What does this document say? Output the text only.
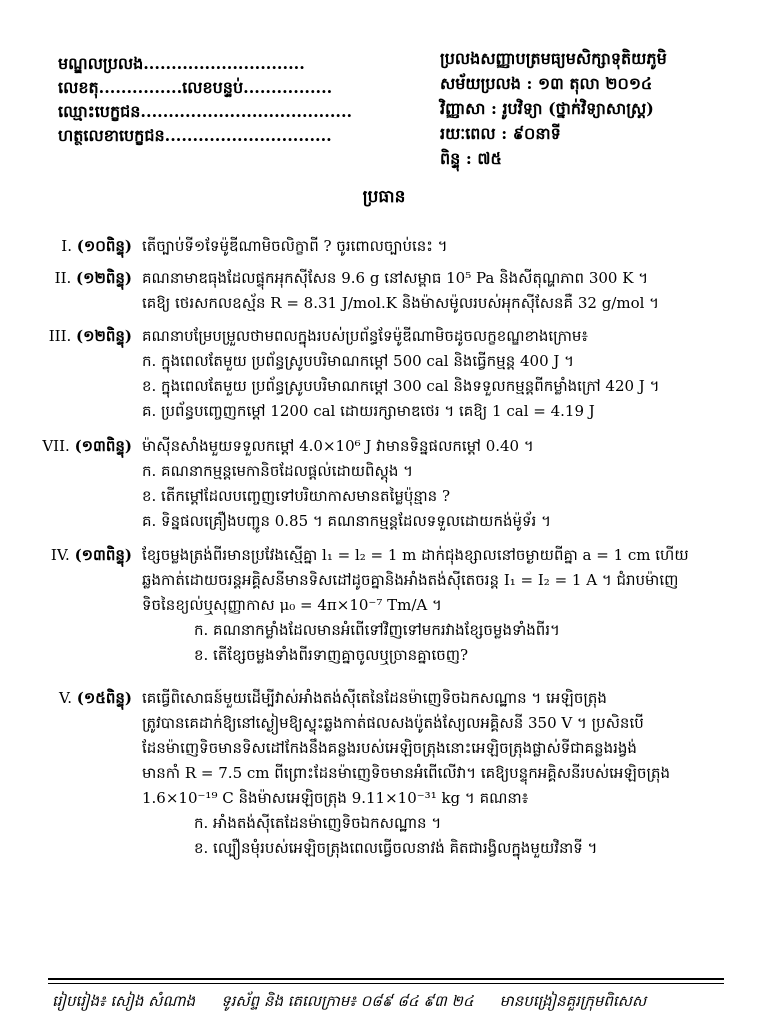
មណ្ឌលប្រលង.............................
លេខតុ...............លេខបន្ទប់................
ឈ្មោះបេក្ខជន......................................
ហត្ថលេខាបេក្ខជន..............................
ប្រលងសញ្ញាបត្រមធ្យមសិក្សាទុតិយភូមិ
សម័យប្រលង : ១៣ តុលា ២០១៤
វិញ្ញាសា : រូបវិទ្យា (ថ្នាក់វិទ្យាសាស្ត្រ)
រយៈពេល : ៩០នាទី
ពិន្ទុ : ៧៥
ប្រធាន
I. (១០ពិន្ទុ) តើច្បាប់ទី១ទែម៉ូឌីណាមិចលិក្ខាពី ? ចូរពោលច្បាប់នេះ ។
II. (១២ពិន្ទុ) គណនាមាឌធុងដែលផ្ទុកអុកស៊ីសែន 9.6 g នៅសម្ពាធ 10⁵ Pa និងសីតុណ្ហភាព 300 K ។
គេឱ្យ ថេរសកលឧស្ម័ន R = 8.31 J/mol.K និងម៉ាសម៉ូលរបស់អុកស៊ីសែនគឺ 32 g/mol ។
III. (១២ពិន្ទុ) គណនាបម្រែបម្រួលថាមពលក្នុងរបស់ប្រព័ន្ធទែម៉ូឌីណាមិចដូចលក្ខខណ្ឌខាងក្រោម៖
ក. ក្នុងពេលតែមួយ ប្រព័ន្ធស្រូបបរិមាណកម្ដៅ 500 cal និងធ្វើកម្មន្ត 400 J ។
ខ. ក្នុងពេលតែមួយ ប្រព័ន្ធស្រូបបរិមាណកម្ដៅ 300 cal និងទទួលកម្មន្តពីកម្លាំងក្រៅ 420 J ។
គ. ប្រព័ន្ធបញ្ចេញកម្ដៅ 1200 cal ដោយរក្សាមាឌថេរ ។ គេឱ្យ 1 cal = 4.19 J
VII. (១៣ពិន្ទុ) ម៉ាស៊ីនសាំងមួយទទួលកម្ដៅ 4.0×10⁶ J វាមានទិន្នផលកម្ដៅ 0.40 ។
ក. គណនាកម្មន្តមេកានិចដែលផ្ដល់ដោយពិស្ដុង ។
ខ. តើកម្ដៅដែលបញ្ចេញទៅបរិយាកាសមានតម្លៃប៉ុន្មាន ?
គ. ទិន្នផលគ្រឿងបញ្ជូន 0.85 ។ គណនាកម្មន្តដែលទទួលដោយកង់ម៉ូទ័រ ។
IV. (១៣ពិន្ទុ) ខ្សែចម្លងត្រង់ពីរមានប្រវែងស្មើគ្នា l₁ = l₂ = 1 m ដាក់ជុងខ្សាលនៅចម្ងាយពីគ្នា a = 1 cm ហើយ
ឆ្លងកាត់ដោយចរន្តអគ្គិសនីមានទិសដៅដូចគ្នានិងអាំងតង់ស៊ីតេចរន្ត I₁ = I₂ = 1 A ។ ជំរាបម៉ាញេ
ទិចនៃខ្យល់ឬសុញ្ញាកាស μ₀ = 4π×10⁻⁷ Tm/A ។
ក. គណនាកម្លាំងដែលមានអំពើទៅវិញទៅមករវាងខ្សែចម្លងទាំងពីរ។
ខ. តើខ្សែចម្លងទាំងពីរទាញគ្នាចូលឬច្រានគ្នាចេញ?
V. (១៥ពិន្ទុ) គេធ្វើពិសោធន៍មួយដើម្បីវាស់អាំងតង់ស៊ីតេនៃដែនម៉ាញេទិចឯកសណ្ឋាន ។ អេឡិចត្រុង
ត្រូវបានគេដាក់ឱ្យនៅស្ងៀមឱ្យស្ទុះឆ្លងកាត់ផលសងប៉ូតង់ស្យែលអគ្គិសនី 350 V ។ ប្រសិនបើ
ដែនម៉ាញេទិចមានទិសដៅកែងនឹងគន្លងរបស់អេឡិចត្រុងនោះអេឡិចត្រុងផ្លាស់ទីជាគន្លងរង្វង់
មានកាំ R = 7.5 cm ពីព្រោះដែនម៉ាញេទិចមានអំពើលើវា។ គេឱ្យបន្ទុកអគ្គិសនីរបស់អេឡិចត្រុង
1.6×10⁻¹⁹ C និងម៉ាសអេឡិចត្រុង 9.11×10⁻³¹ kg ។ គណនា៖
ក. អាំងតង់ស៊ីតេដែនម៉ាញេទិចឯកសណ្ឋាន ។
ខ. ល្បឿនមុំរបស់អេឡិចត្រុងពេលធ្វើចលនាវង់ គិតជារង្វិលក្នុងមួយវិនាទី ។
រៀបរៀង៖ សៀង សំណាង ទូរស័ព្ទ និង តេលេក្រាម៖ ០៨៩ ៨៤ ៩៣ ២៤ មានបង្រៀនគួរក្រុមពិសេស
